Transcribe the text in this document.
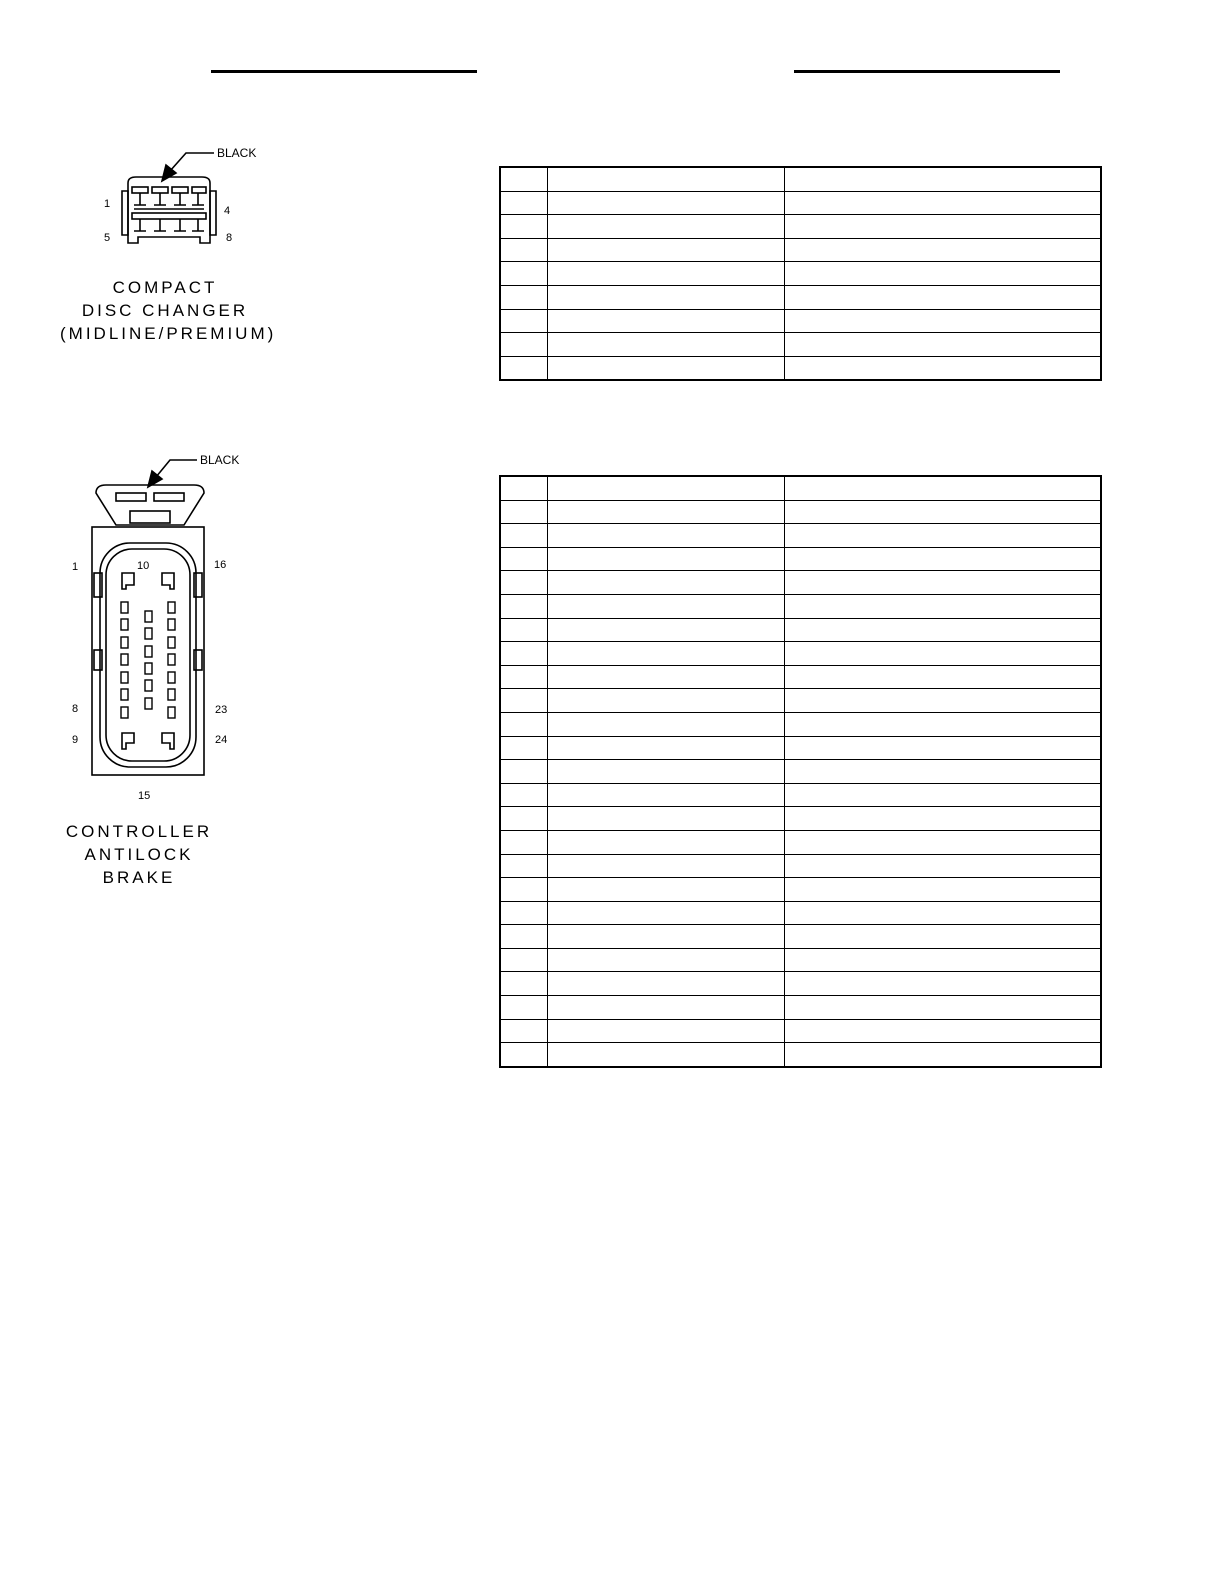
1
4
5	8
BLACK
COMPACT
DISC CHANGER
(MIDLINE/PREMIUM)
1	10	16
8	23
9	24
15
BLACK
CONTROLLER
ANTILOCK
BRAKE
